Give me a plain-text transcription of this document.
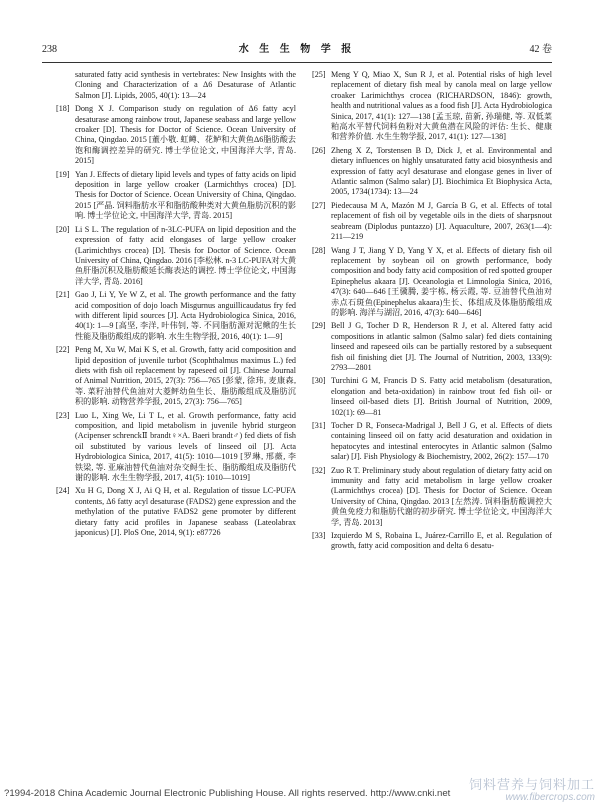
238	水 生 生 物 学 报	42 卷
saturated fatty acid synthesis in vertebrates: New Insights with the Cloning and Characterization of a Δ6 Desaturase of Atlantic Salmon [J]. Lipids, 2005, 40(1): 13—24
[18] Dong X J. Comparison study on regulation of Δ6 fatty acyl desaturase among rainbow trout, Japanese seabass and large yellow croaker [D]. Thesis for Doctor of Science. Ocean University of China, Qingdao. 2015 [董小敬. 虹鳟、花鲈和大黄鱼Δ6脂肪酸去饱和酶调控差异的研究. 博士学位论文, 中国海洋大学, 青岛. 2015]
[19] Yan J. Effects of dietary lipid levels and types of fatty acids on lipid deposition in large yellow croaker (Larmichthys crocea) [D]. Thesis for Doctor of Science. Ocean University of China, Qingdao. 2015 [严晶. 饲料脂肪水平和脂肪酸种类对大黄鱼脂肪沉积的影响. 博士学位论文, 中国海洋大学, 青岛. 2015]
[20] Li S L. The regulation of n-3LC-PUFA on lipid deposition and the expression of fatty acid elongases of large yellow croaker (Larimichthys crocea) [D]. Thesis for Doctor of Science. Ocean University of China, Qingdao. 2016 [李松林. n-3 LC-PUFA对大黄鱼肝脂沉积及脂肪酸延长酶表达的调控. 博士学位论文, 中国海洋大学, 青岛. 2016]
[21] Gao J, Li Y, Ye W Z, et al. The growth performance and the fatty acid composition of dojo loach Misgurnus anguillicaudatus fry fed with different lipid sources [J]. Acta Hydrobiologica Sinica, 2016, 40(1): 1—9 [高坚, 李洋, 叶伟钊, 等. 不同脂肪源对泥鳅的生长性能及脂肪酸组成的影响. 水生生物学报, 2016, 40(1): 1—9]
[22] Peng M, Xu W, Mai K S, et al. Growth, fatty acid composition and lipid deposition of juvenile turbot (Scophthalmus maximus L.) fed diets with fish oil replacement by rapeseed oil [J]. Chinese Journal of Animal Nutrition, 2015, 27(3): 756—765 [彭蒙, 徐玮, 麦康森, 等. 菜籽油替代鱼油对大菱鲆幼鱼生长、脂肪酸组成及脂肪沉积的影响. 动物营养学报, 2015, 27(3): 756—765]
[23] Luo L, Xing We, Li T L, et al. Growth performance, fatty acid composition, and lipid metabolism in juvenile hybrid sturgeon (Acipenser schrenckⅡ brandt♀×A. Baeri brandt♂) fed diets of fish oil substituted by various levels of linseed oil [J]. Acta Hydrobiologica Sinica, 2017, 41(5): 1010—1019 [罗琳, 邢薇, 李铁梁, 等. 亚麻油替代鱼油对杂交鲟生长、脂肪酸组成及脂肪代谢的影响. 水生生物学报, 2017, 41(5): 1010—1019]
[24] Xu H G, Dong X J, Ai Q H, et al. Regulation of tissue LC-PUFA contents, Δ6 fatty acyl desaturase (FADS2) gene expression and the methylation of the putative FADS2 gene promoter by different dietary fatty acid profiles in Japanese seabass (Lateolabrax japonicus) [J]. PloS One, 2014, 9(1): e87726
[25] Meng Y Q, Miao X, Sun R J, et al. Potential risks of high level replacement of dietary fish meal by canola meal on large yellow croaker Larimichthys crocea (RICHARDSON, 1846): growth, health and nutritional values as a food fish [J]. Acta Hydrobiologica Sinica, 2017, 41(1): 127—138 [孟玉琼, 苗新, 孙瑞健, 等. 双低菜粕高水平替代饲料鱼粉对大黄鱼潜在风险的评估: 生长、健康和营养价值. 水生生物学报, 2017, 41(1): 127—138]
[26] Zheng X Z, Torstensen B D, Dick J, et al. Environmental and dietary influences on highly unsaturated fatty acid biosynthesis and expression of fatty acyl desaturase and elongase genes in liver of Atlantic salmon (Salmo salar) [J]. Biochimica Et Biophysica Acta, 2005, 1734(1734): 13—24
[27] Piedecausa M A, Mazón M J, García B G, et al. Effects of total replacement of fish oil by vegetable oils in the diets of sharpsnout seabream (Diplodus puntazzo) [J]. Aquaculture, 2007, 263(1—4): 211—219
[28] Wang J T, Jiang Y D, Yang Y X, et al. Effects of dietary fish oil replacement by soybean oil on growth performance, body composition and body fatty acid composition of red spotted grouper Epinephelus akaara [J]. Oceanologia et Limnologia Sinica, 2016, 47(3): 640—646 [王骥腾, 姜宇栋, 杨云霞, 等. 豆油替代鱼油对赤点石斑鱼(Epinephelus akaara)生长、体组成及体脂肪酸组成的影响. 海洋与湖沼, 2016, 47(3): 640—646]
[29] Bell J G, Tocher D R, Henderson R J, et al. Altered fatty acid compositions in atlantic salmon (Salmo salar) fed diets containing linseed and rapeseed oils can be partially restored by a subsequent fish oil finishing diet [J]. The Journal of Nutrition, 2003, 133(9): 2793—2801
[30] Turchini G M, Francis D S. Fatty acid metabolism (desaturation, elongation and beta-oxidation) in rainbow trout fed fish oil- or linseed oil-based diets [J]. British Journal of Nutrition, 2009, 102(1): 69—81
[31] Tocher D R, Fonseca-Madrigal J, Bell J G, et al. Effects of diets containing linseed oil on fatty acid desaturation and oxidation in hepatocytes and intestinal enterocytes in Atlantic salmon (Salmo salar) [J]. Fish Physiology & Biochemistry, 2002, 26(2): 157—170
[32] Zuo R T. Preliminary study about regulation of dietary fatty acid on immunity and fatty acid metabolism in large yellow croaker (Larmichthys crocea) [D]. Thesis for Doctor of Science. Ocean University of China, Qingdao. 2013 [左然涛. 饲料脂肪酸调控大黄鱼免疫力和脂肪代谢的初步研究. 博士学位论文, 中国海洋大学, 青岛. 2013]
[33] Izquierdo M S, Robaina L, Juárez-Carrillo E, et al. Regulation of growth, fatty acid composition and delta 6 desatu-
?1994-2018 China Academic Journal Electronic Publishing House. All rights reserved. http://www.cnki.net
饲料营养与饲料加工
www.fibercrops.com
